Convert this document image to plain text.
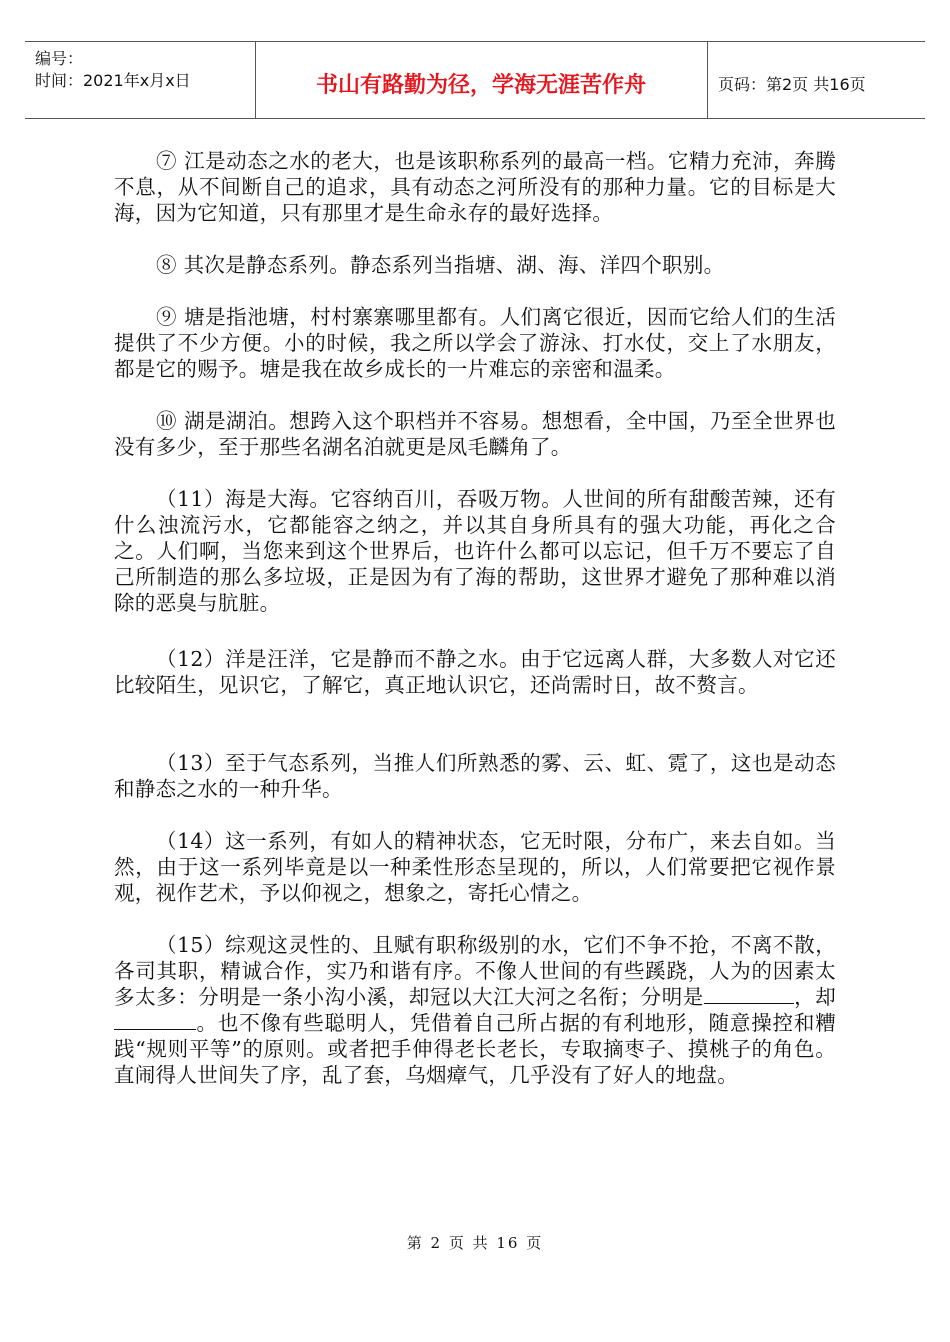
编号：
时间：2021年x月x日	书山有路勤为径，学海无涯苦作舟	页码：第2页 共16页

⑦ 江是动态之水的老大，也是该职称系列的最高一档。它精力充沛，奔腾不息，从不间断自己的追求，具有动态之河所没有的那种力量。它的目标是大海，因为它知道，只有那里才是生命永存的最好选择。

⑧ 其次是静态系列。静态系列当指塘、湖、海、洋四个职别。

⑨ 塘是指池塘，村村寨寨哪里都有。人们离它很近，因而它给人们的生活提供了不少方便。小的时候，我之所以学会了游泳、打水仗，交上了水朋友，都是它的赐予。塘是我在故乡成长的一片难忘的亲密和温柔。

⑩ 湖是湖泊。想跨入这个职档并不容易。想想看，全中国，乃至全世界也没有多少，至于那些名湖名泊就更是凤毛麟角了。

（11）海是大海。它容纳百川，吞吸万物。人世间的所有甜酸苦辣，还有什么浊流污水，它都能容之纳之，并以其自身所具有的强大功能，再化之合之。人们啊，当您来到这个世界后，也许什么都可以忘记，但千万不要忘了自己所制造的那么多垃圾，正是因为有了海的帮助，这世界才避免了那种难以消除的恶臭与肮脏。

（12）洋是汪洋，它是静而不静之水。由于它远离人群，大多数人对它还比较陌生，见识它，了解它，真正地认识它，还尚需时日，故不赘言。

（13）至于气态系列，当推人们所熟悉的雾、云、虹、霓了，这也是动态和静态之水的一种升华。

（14）这一系列，有如人的精神状态，它无时限，分布广，来去自如。当然，由于这一系列毕竟是以一种柔性形态呈现的，所以，人们常要把它视作景观，视作艺术，予以仰视之，想象之，寄托心情之。

（15）综观这灵性的、且赋有职称级别的水，它们不争不抢，不离不散，各司其职，精诚合作，实乃和谐有序。不像人世间的有些蹊跷，人为的因素太多太多：分明是一条小沟小溪，却冠以大江大河之名衔；分明是	，却。也不像有些聪明人，凭借着自己所占据的有利地形，随意操控和糟践“规则平等”的原则。或者把手伸得老长老长，专取摘枣子、摸桃子的角色。直闹得人世间失了序，乱了套，乌烟瘴气，几乎没有了好人的地盘。

第 2 页 共 16 页
